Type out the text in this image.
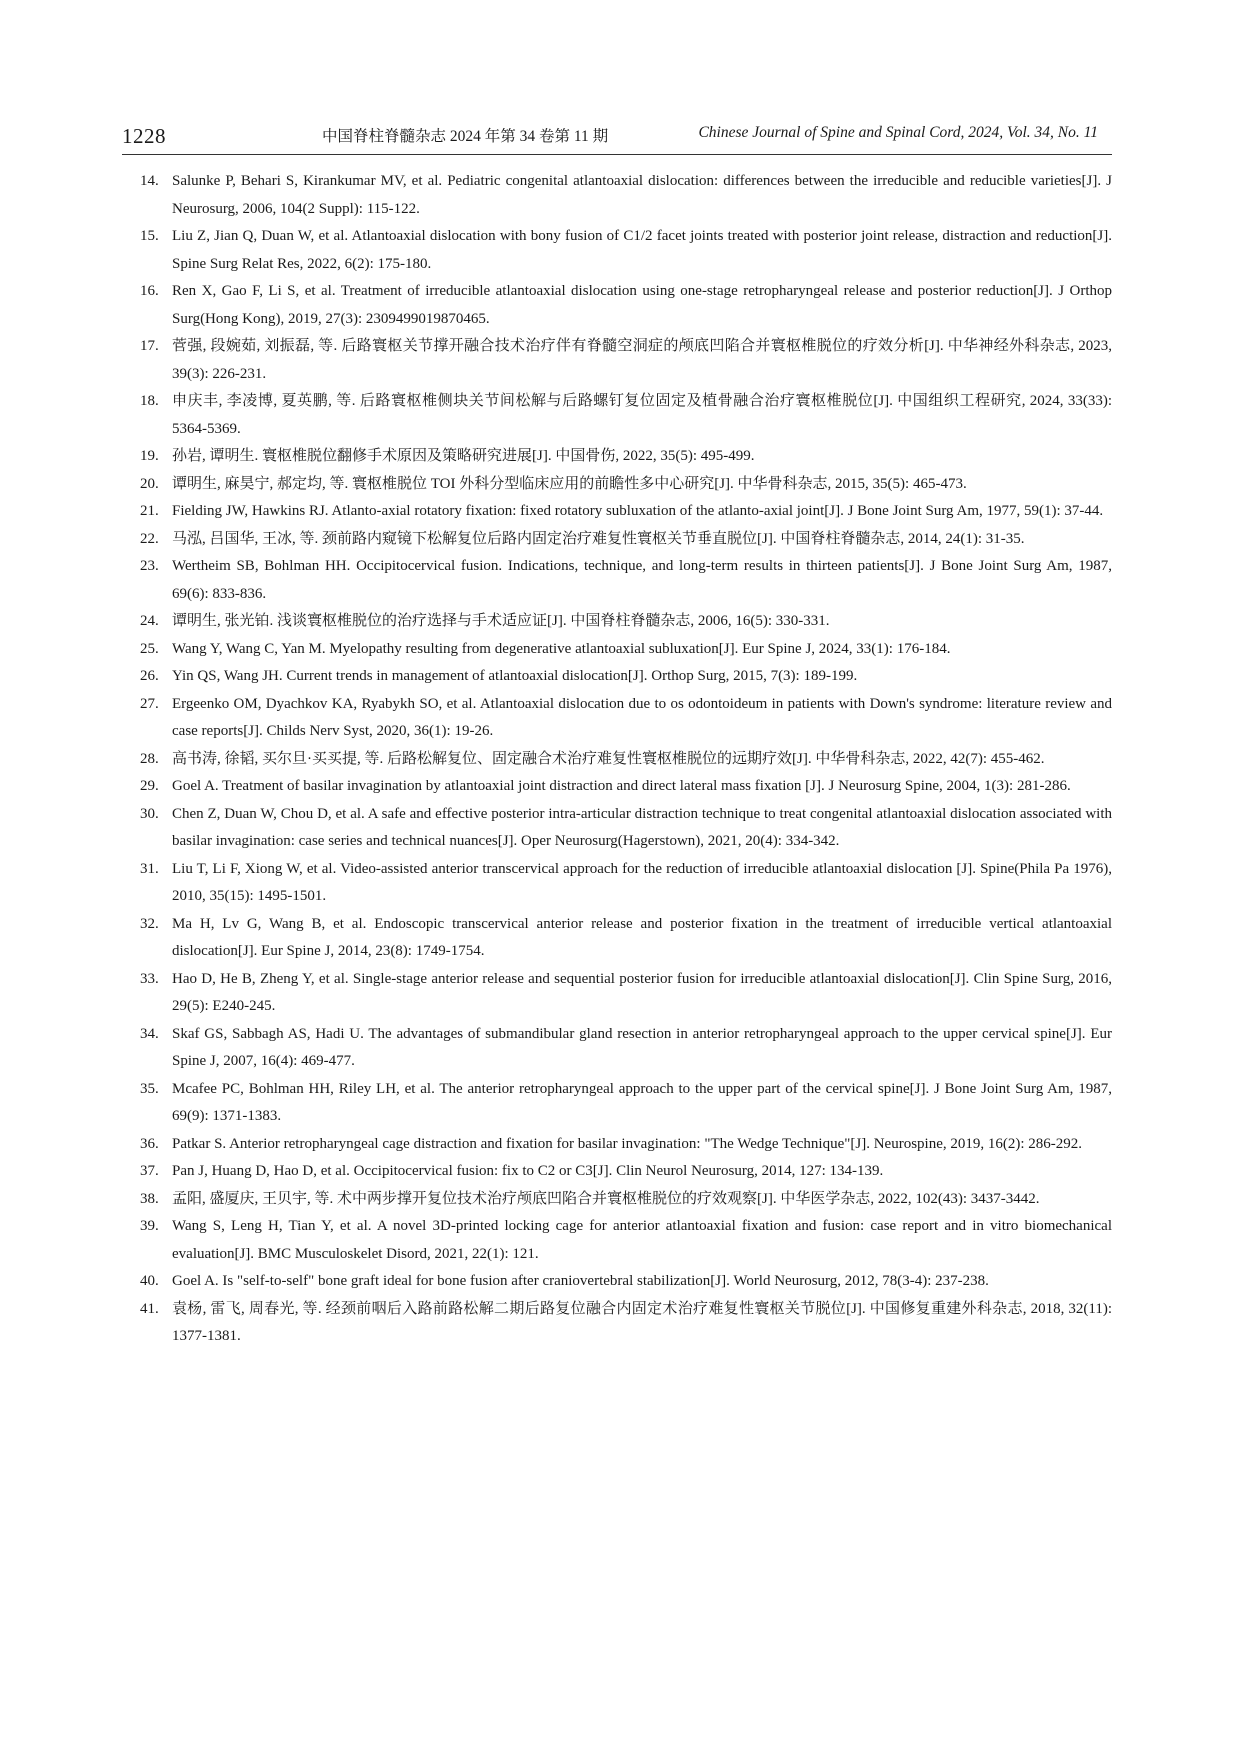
1228	中国脊柱脊髓杂志 2024 年第 34 卷第 11 期	Chinese Journal of Spine and Spinal Cord, 2024, Vol. 34, No. 11
14. Salunke P, Behari S, Kirankumar MV, et al. Pediatric congenital atlantoaxial dislocation: differences between the irreducible and reducible varieties[J]. J Neurosurg, 2006, 104(2 Suppl): 115-122.
15. Liu Z, Jian Q, Duan W, et al. Atlantoaxial dislocation with bony fusion of C1/2 facet joints treated with posterior joint release, distraction and reduction[J]. Spine Surg Relat Res, 2022, 6(2): 175-180.
16. Ren X, Gao F, Li S, et al. Treatment of irreducible atlantoaxial dislocation using one-stage retropharyngeal release and posterior reduction[J]. J Orthop Surg(Hong Kong), 2019, 27(3): 2309499019870465.
17. 菅强, 段婉茹, 刘振磊, 等. 后路寰枢关节撑开融合技术治疗伴有脊髓空洞症的颅底凹陷合并寰枢椎脱位的疗效分析[J]. 中华神经外科杂志, 2023, 39(3): 226-231.
18. 申庆丰, 李凌博, 夏英鹏, 等. 后路寰枢椎侧块关节间松解与后路螺钉复位固定及植骨融合治疗寰枢椎脱位[J]. 中国组织工程研究, 2024, 33(33): 5364-5369.
19. 孙岩, 谭明生. 寰枢椎脱位翻修手术原因及策略研究进展[J]. 中国骨伤, 2022, 35(5): 495-499.
20. 谭明生, 麻昊宁, 郝定均, 等. 寰枢椎脱位 TOI 外科分型临床应用的前瞻性多中心研究[J]. 中华骨科杂志, 2015, 35(5): 465-473.
21. Fielding JW, Hawkins RJ. Atlanto-axial rotatory fixation: fixed rotatory subluxation of the atlanto-axial joint[J]. J Bone Joint Surg Am, 1977, 59(1): 37-44.
22. 马泓, 吕国华, 王冰, 等. 颈前路内窥镜下松解复位后路内固定治疗难复性寰枢关节垂直脱位[J]. 中国脊柱脊髓杂志, 2014, 24(1): 31-35.
23. Wertheim SB, Bohlman HH. Occipitocervical fusion. Indications, technique, and long-term results in thirteen patients[J]. J Bone Joint Surg Am, 1987, 69(6): 833-836.
24. 谭明生, 张光铂. 浅谈寰枢椎脱位的治疗选择与手术适应证[J]. 中国脊柱脊髓杂志, 2006, 16(5): 330-331.
25. Wang Y, Wang C, Yan M. Myelopathy resulting from degenerative atlantoaxial subluxation[J]. Eur Spine J, 2024, 33(1): 176-184.
26. Yin QS, Wang JH. Current trends in management of atlantoaxial dislocation[J]. Orthop Surg, 2015, 7(3): 189-199.
27. Ergeenko OM, Dyachkov KA, Ryabykh SO, et al. Atlantoaxial dislocation due to os odontoideum in patients with Down's syndrome: literature review and case reports[J]. Childs Nerv Syst, 2020, 36(1): 19-26.
28. 高书涛, 徐韬, 买尔旦·买买提, 等. 后路松解复位、固定融合术治疗难复性寰枢椎脱位的远期疗效[J]. 中华骨科杂志, 2022, 42(7): 455-462.
29. Goel A. Treatment of basilar invagination by atlantoaxial joint distraction and direct lateral mass fixation [J]. J Neurosurg Spine, 2004, 1(3): 281-286.
30. Chen Z, Duan W, Chou D, et al. A safe and effective posterior intra-articular distraction technique to treat congenital atlantoaxial dislocation associated with basilar invagination: case series and technical nuances[J]. Oper Neurosurg(Hagerstown), 2021, 20(4): 334-342.
31. Liu T, Li F, Xiong W, et al. Video-assisted anterior transcervical approach for the reduction of irreducible atlantoaxial dislocation [J]. Spine(Phila Pa 1976), 2010, 35(15): 1495-1501.
32. Ma H, Lv G, Wang B, et al. Endoscopic transcervical anterior release and posterior fixation in the treatment of irreducible vertical atlantoaxial dislocation[J]. Eur Spine J, 2014, 23(8): 1749-1754.
33. Hao D, He B, Zheng Y, et al. Single-stage anterior release and sequential posterior fusion for irreducible atlantoaxial dislocation[J]. Clin Spine Surg, 2016, 29(5): E240-245.
34. Skaf GS, Sabbagh AS, Hadi U. The advantages of submandibular gland resection in anterior retropharyngeal approach to the upper cervical spine[J]. Eur Spine J, 2007, 16(4): 469-477.
35. Mcafee PC, Bohlman HH, Riley LH, et al. The anterior retropharyngeal approach to the upper part of the cervical spine[J]. J Bone Joint Surg Am, 1987, 69(9): 1371-1383.
36. Patkar S. Anterior retropharyngeal cage distraction and fixation for basilar invagination: "The Wedge Technique"[J]. Neurospine, 2019, 16(2): 286-292.
37. Pan J, Huang D, Hao D, et al. Occipitocervical fusion: fix to C2 or C3[J]. Clin Neurol Neurosurg, 2014, 127: 134-139.
38. 孟阳, 盛厦庆, 王贝宇, 等. 术中两步撑开复位技术治疗颅底凹陷合并寰枢椎脱位的疗效观察[J]. 中华医学杂志, 2022, 102(43): 3437-3442.
39. Wang S, Leng H, Tian Y, et al. A novel 3D-printed locking cage for anterior atlantoaxial fixation and fusion: case report and in vitro biomechanical evaluation[J]. BMC Musculoskelet Disord, 2021, 22(1): 121.
40. Goel A. Is "self-to-self" bone graft ideal for bone fusion after craniovertebral stabilization[J]. World Neurosurg, 2012, 78(3-4): 237-238.
41. 袁杨, 雷飞, 周春光, 等. 经颈前咽后入路前路松解二期后路复位融合内固定术治疗难复性寰枢关节脱位[J]. 中国修复重建外科杂志, 2018, 32(11): 1377-1381.
